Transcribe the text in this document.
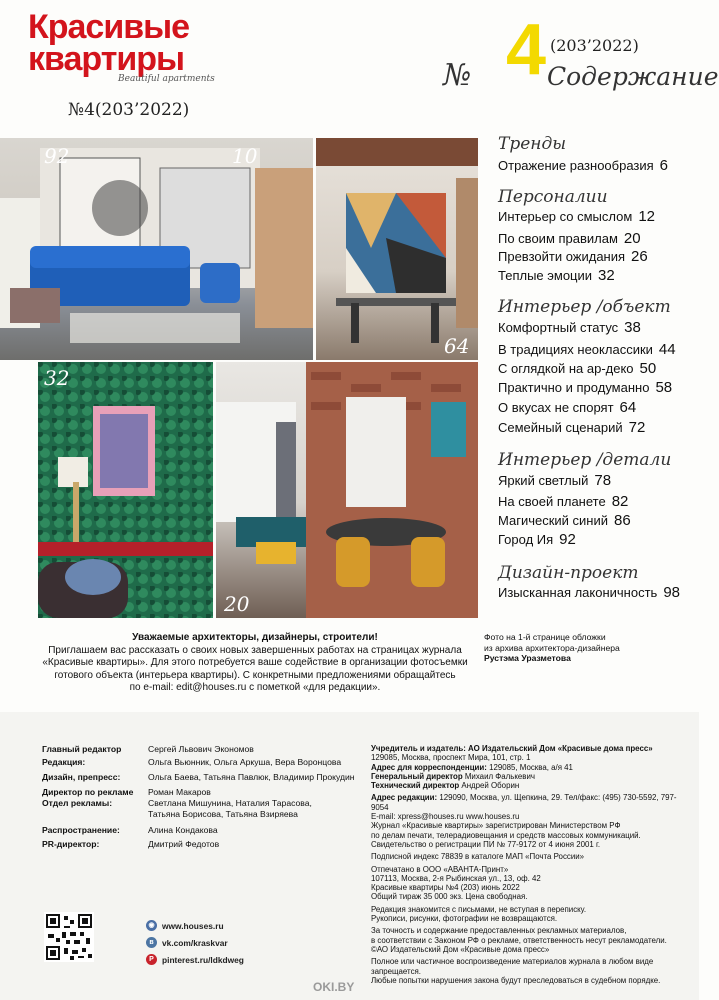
Красивые
квартиры
Beautiful apartments
№4(203’2022)
№ 4 (203’2022)
Содержание
92	10
64
32
20
Тренды
Отражение разнообразия 6
Персоналии
Интерьер со смыслом 12
По своим правилам 20
Превзойти ожидания 26
Теплые эмоции 32
Интерьер /объект
Комфортный статус 38
В традициях неоклассики 44
С оглядкой на ар-деко 50
Практично и продуманно 58
О вкусах не спорят 64
Семейный сценарий 72
Интерьер /детали
Яркий светлый 78
На своей планете 82
Магический синий 86
Город Ия 92
Дизайн-проект
Изысканная лаконичность 98
Уважаемые архитекторы, дизайнеры, строители!
Приглашаем вас рассказать о своих новых завершенных работах на страницах журнала
«Красивые квартиры». Для этого потребуется ваше содействие в организации фотосъемки
готового объекта (интерьера квартиры). С конкретными предложениями обращайтесь
по e-mail: edit@houses.ru с пометкой «для редакции».
Фото на 1-й странице обложки
из архива архитектора-дизайнера
Рустэма Уразметова
Главный редактор	Сергей Львович Экономов
Редакция:	Ольга Вьюнник, Ольга Аркуша, Вера Воронцова
Дизайн, препресс:	Ольга Баева, Татьяна Павлюк, Владимир Прокудин
Директор по рекламе Роман Макаров
Отдел рекламы:	Светлана Мишунина, Наталия Тарасова,
Татьяна Борисова, Татьяна Взиряева
Распространение:	Алина Кондакова
PR-директор:	Дмитрий Федотов

Учредитель и издатель: АО Издательский Дом «Красивые дома пресс»

129085, Москва, проспект Мира, 101, стр. 1

Адрес для корреспонденции: 129085, Москва, а/я 41

Генеральный директор Михаил Фалькевич

Технический директор Андрей Оборин

Адрес редакции: 129090, Москва, ул. Щепкина, 29. Тел/факс: (495) 730-5592, 797-9054

E-mail: xpress@houses.ru www.houses.ru

Журнал «Красивые квартиры» зарегистрирован Министерством РФ

по делам печати, телерадиовещания и средств массовых коммуникаций.

Свидетельство о регистрации ПИ № 77-9172 от 4 июня 2001 г.

Подписной индекс 78839 в каталоге МАП «Почта России»

Отпечатано в ООО «АВАНТА-Принт»

107113, Москва, 2-я Рыбинская ул., 13, оф. 42

Красивые квартиры №4 (203) июнь 2022

Общий тираж 35 000 экз. Цена свободная.

Редакция знакомится с письмами, не вступая в переписку.

Рукописи, рисунки, фотографии не возвращаются.

За точность и содержание предоставленных рекламных материалов,

в соответствии с Законом РФ о рекламе, ответственность несут рекламодатели.

©АО Издательский Дом «Красивые дома пресс»

Полное или частичное воспроизведение материалов журнала в любом виде запрещается.

Любые попытки нарушения закона будут преследоваться в судебном порядке.

◉ www.houses.ru
в vk.com/kraskvar
P pinterest.ru/ldkdweg
OKI.BY
